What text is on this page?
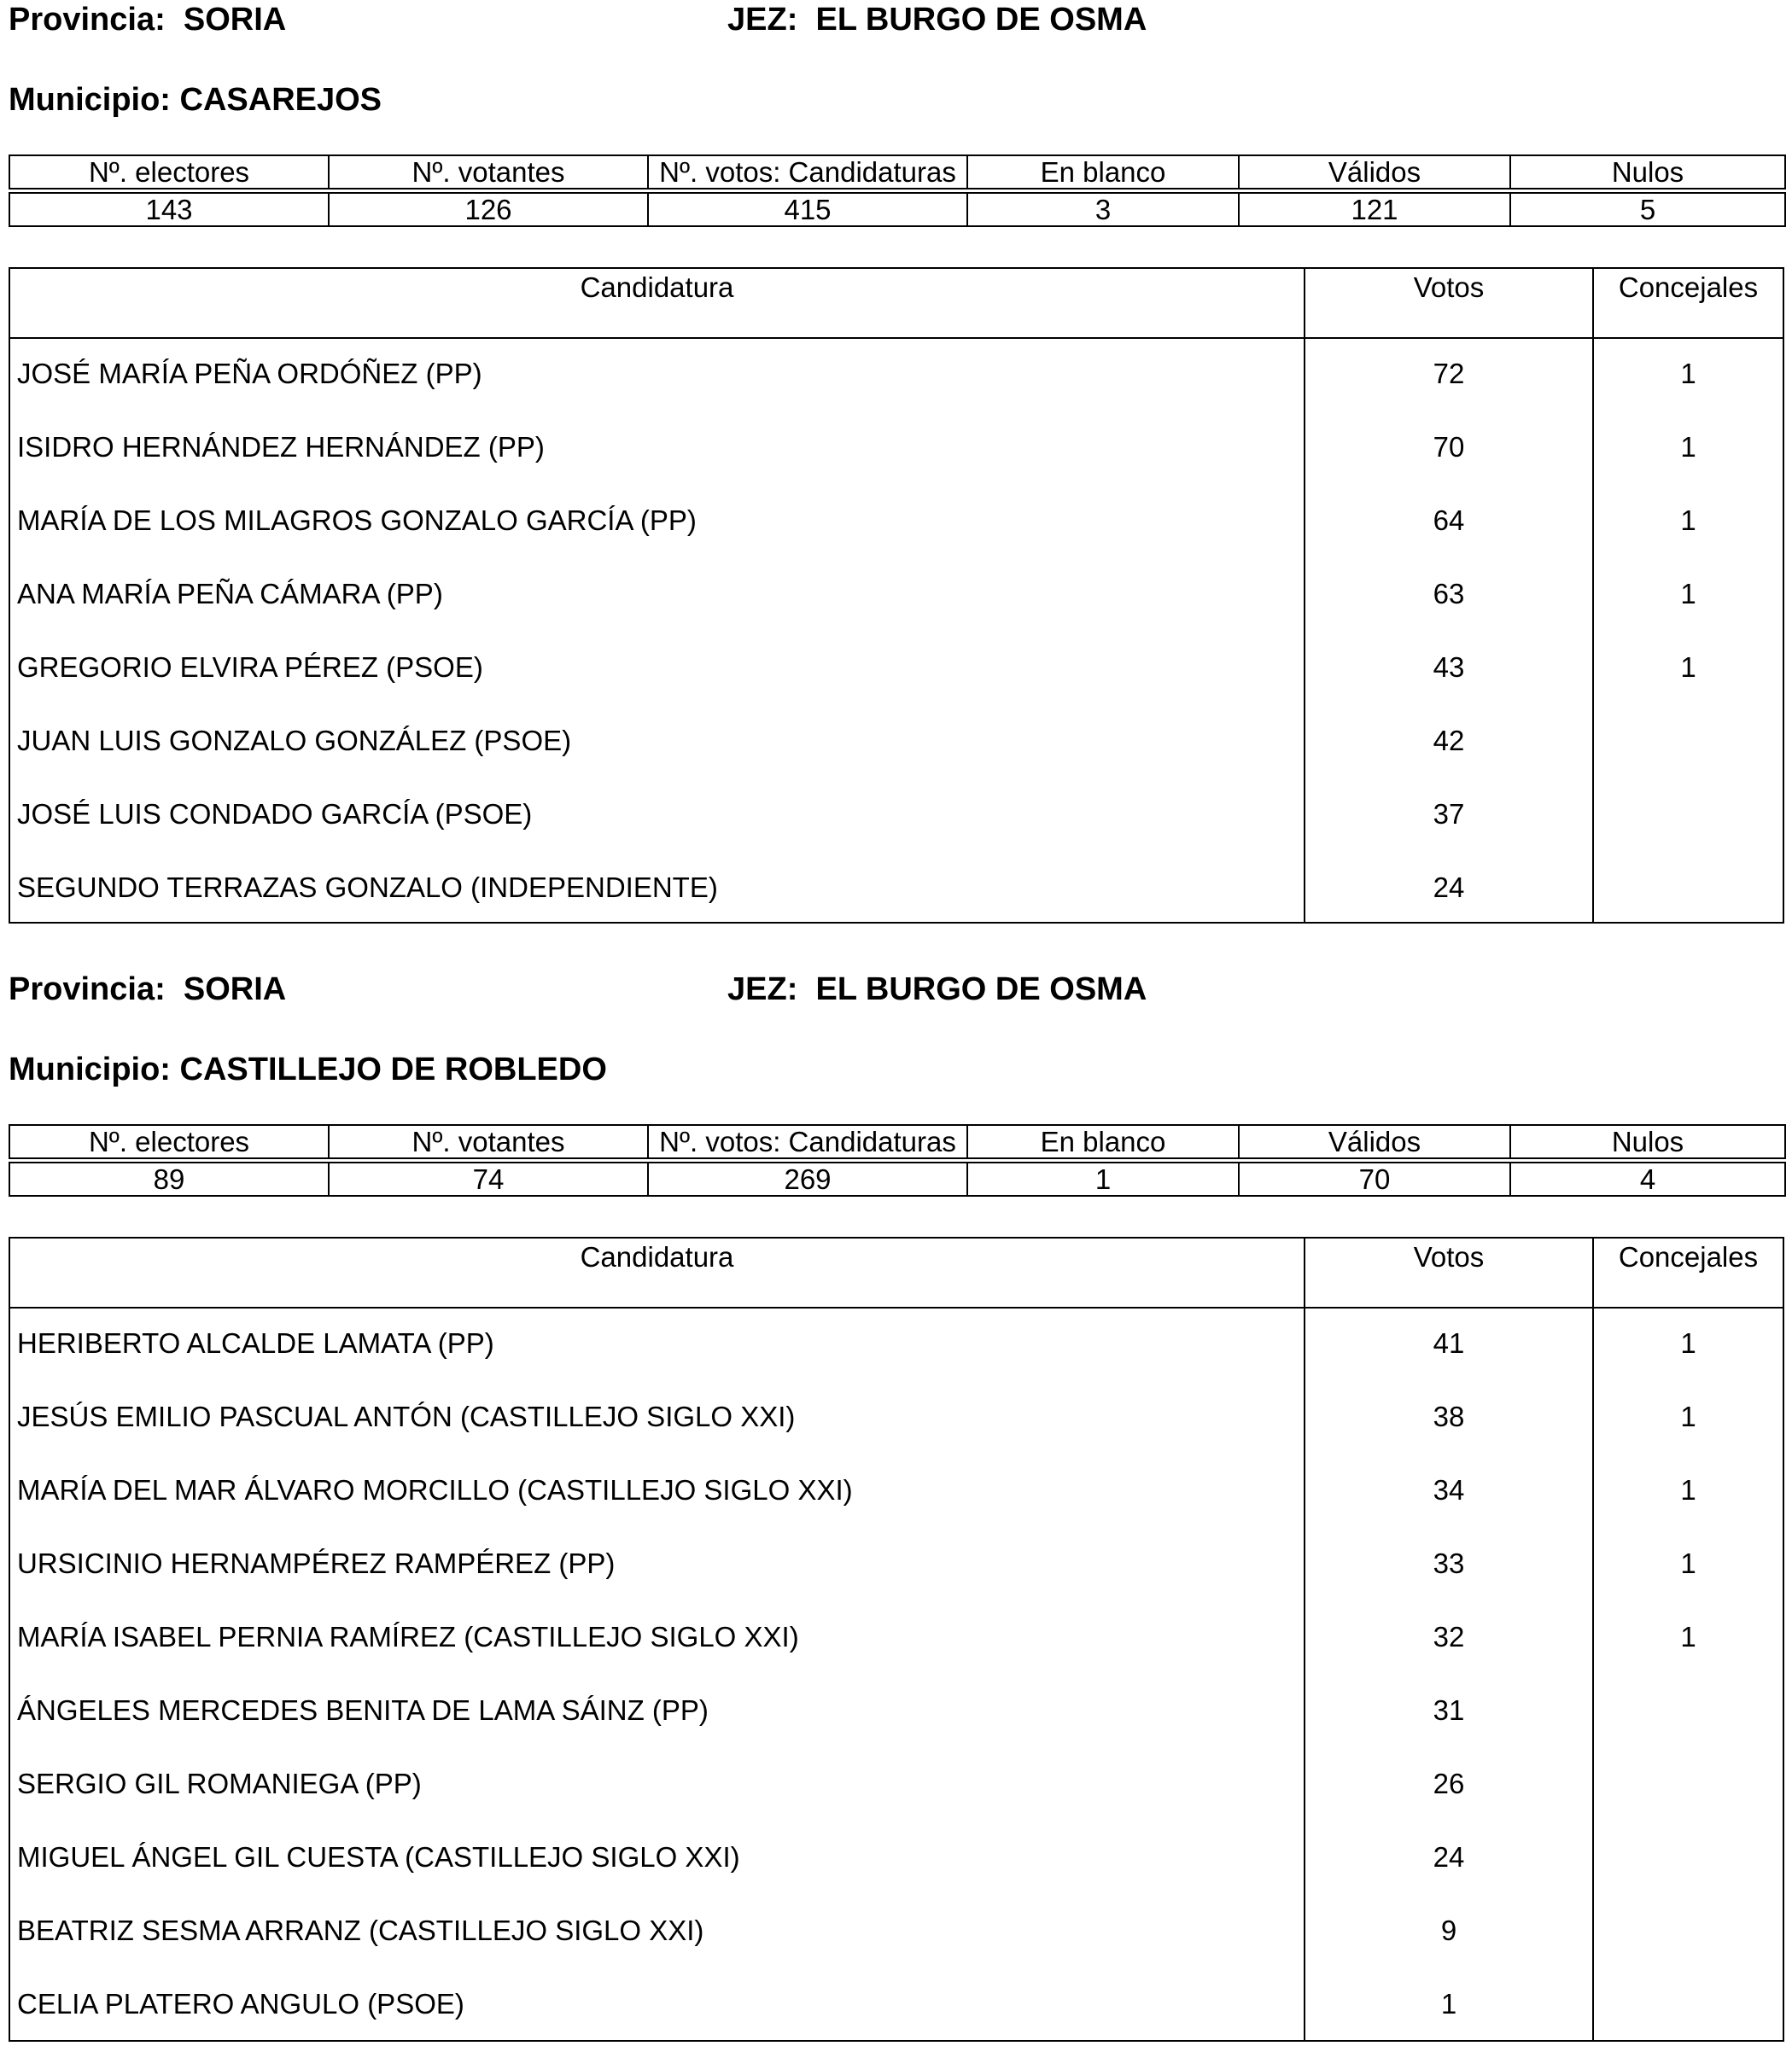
Provincia: SORIA	JEZ: EL BURGO DE OSMA
Municipio: CASAREJOS
Nº. electores	Nº. votantes	Nº. votos: Candidaturas	En blanco	Válidos	Nulos
143	126	415	3	121	5
Candidatura	Votos	Concejales
JOSÉ MARÍA PEÑA ORDÓÑEZ (PP)	72	1
ISIDRO HERNÁNDEZ HERNÁNDEZ (PP)	70	1
MARÍA DE LOS MILAGROS GONZALO GARCÍA (PP)	64	1
ANA MARÍA PEÑA CÁMARA (PP)	63	1
GREGORIO ELVIRA PÉREZ (PSOE)	43	1
JUAN LUIS GONZALO GONZÁLEZ (PSOE)	42
JOSÉ LUIS CONDADO GARCÍA (PSOE)	37
SEGUNDO TERRAZAS GONZALO (INDEPENDIENTE)	24
Provincia: SORIA	JEZ: EL BURGO DE OSMA
Municipio: CASTILLEJO DE ROBLEDO
Nº. electores	Nº. votantes	Nº. votos: Candidaturas	En blanco	Válidos	Nulos
89	74	269	1	70	4
Candidatura	Votos	Concejales
HERIBERTO ALCALDE LAMATA (PP)	41	1
JESÚS EMILIO PASCUAL ANTÓN (CASTILLEJO SIGLO XXI)	38	1
MARÍA DEL MAR ÁLVARO MORCILLO (CASTILLEJO SIGLO XXI)	34	1
URSICINIO HERNAMPÉREZ RAMPÉREZ (PP)	33	1
MARÍA ISABEL PERNIA RAMÍREZ (CASTILLEJO SIGLO XXI)	32	1
ÁNGELES MERCEDES BENITA DE LAMA SÁINZ (PP)	31
SERGIO GIL ROMANIEGA (PP)	26
MIGUEL ÁNGEL GIL CUESTA (CASTILLEJO SIGLO XXI)	24
BEATRIZ SESMA ARRANZ (CASTILLEJO SIGLO XXI)	9
CELIA PLATERO ANGULO (PSOE)	1
